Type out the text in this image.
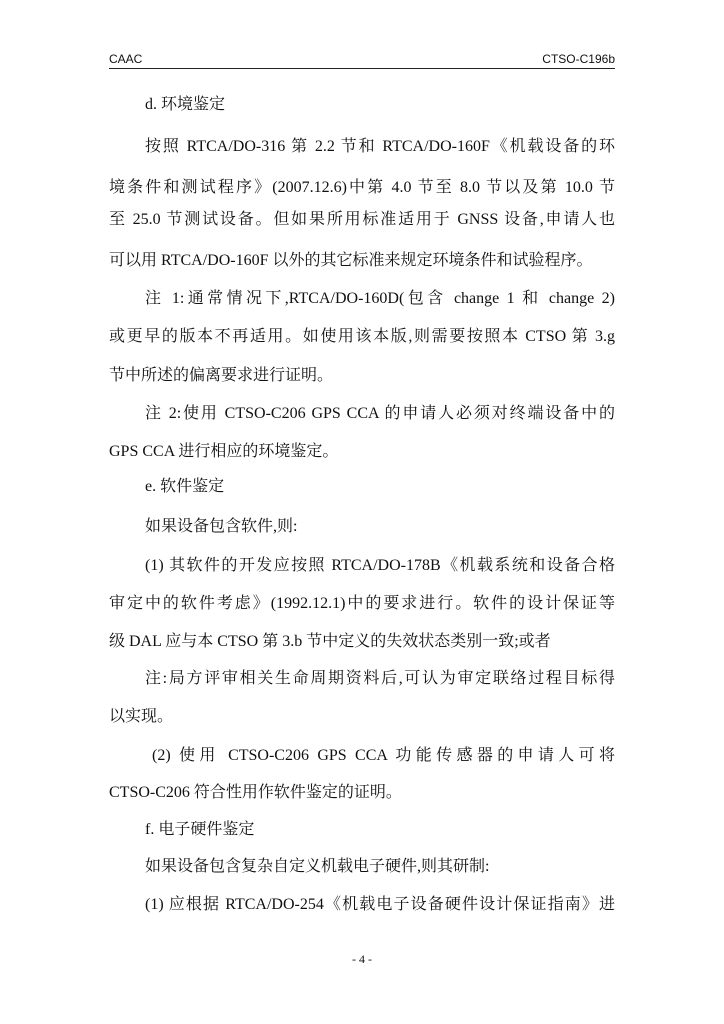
CAAC	CTSO-C196b
d. 环境鉴定
按照 RTCA/DO-316 第 2.2 节和 RTCA/DO-160F《机载设备的环
境条件和测试程序》(2007.12.6)中第 4.0 节至 8.0 节以及第 10.0 节
至 25.0 节测试设备。但如果所用标准适用于 GNSS 设备,申请人也
可以用 RTCA/DO-160F 以外的其它标准来规定环境条件和试验程序。
注 1:通常情况下,RTCA/DO-160D(包含 change 1 和 change 2)
或更早的版本不再适用。如使用该本版,则需要按照本 CTSO 第 3.g
节中所述的偏离要求进行证明。
注 2:使用 CTSO-C206 GPS CCA 的申请人必须对终端设备中的
GPS CCA 进行相应的环境鉴定。
e. 软件鉴定
如果设备包含软件,则:
(1) 其软件的开发应按照 RTCA/DO-178B《机载系统和设备合格
审定中的软件考虑》(1992.12.1)中的要求进行。软件的设计保证等
级 DAL 应与本 CTSO 第 3.b 节中定义的失效状态类别一致;或者
注:局方评审相关生命周期资料后,可认为审定联络过程目标得
以实现。
(2) 使用 CTSO-C206 GPS CCA 功能传感器的申请人可将
CTSO-C206 符合性用作软件鉴定的证明。
f. 电子硬件鉴定
如果设备包含复杂自定义机载电子硬件,则其研制:
(1) 应根据 RTCA/DO-254《机载电子设备硬件设计保证指南》进
- 4 -
